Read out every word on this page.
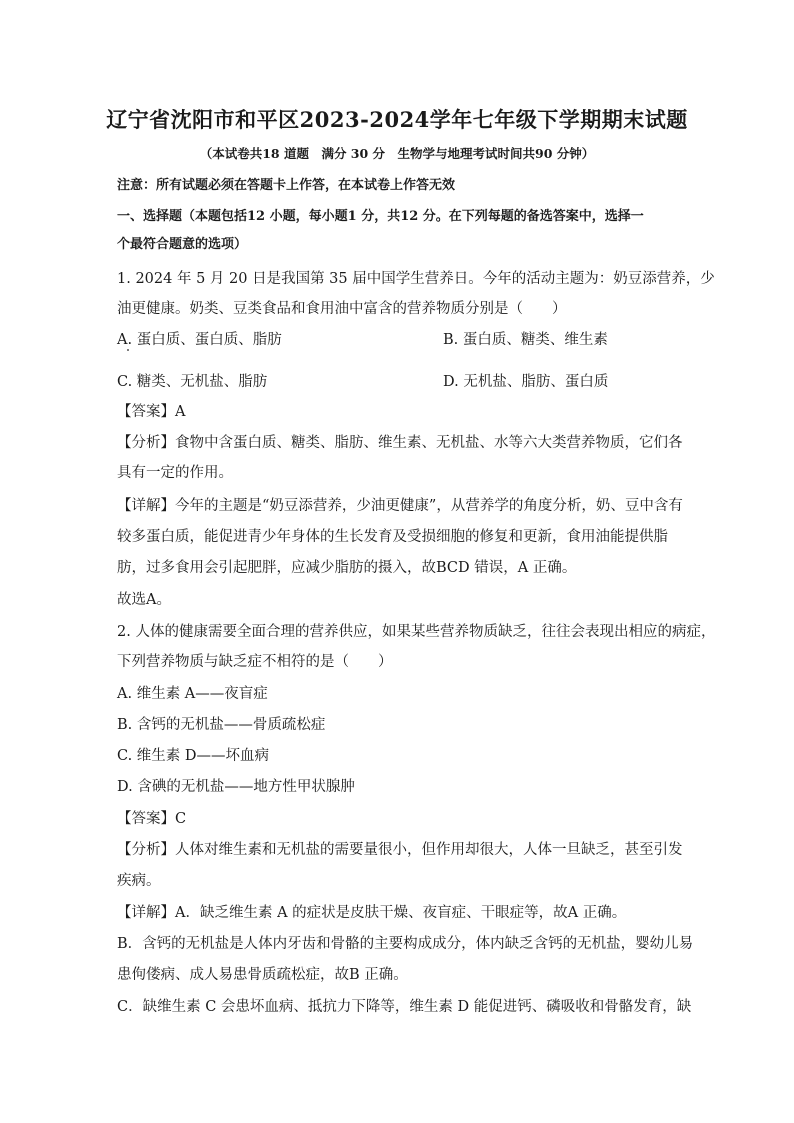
辽宁省沈阳市和平区2023-2024学年七年级下学期期末试题
（本试卷共18 道题　满分 30 分　生物学与地理考试时间共90 分钟）
注意：所有试题必须在答题卡上作答，在本试卷上作答无效
一、选择题（本题包括12 小题，每小题1 分，共12 分。在下列每题的备选答案中，选择一
个最符合题意的选项）
1. 2024 年 5 月 20 日是我国第 35 届中国学生营养日。今年的活动主题为：奶豆添营养，少
油更健康。奶类、豆类食品和食用油中富含的营养物质分别是（　　）
A. 蛋白质、蛋白质、脂肪	B. 蛋白质、糖类、维生素
C. 糖类、无机盐、脂肪	D. 无机盐、脂肪、蛋白质
【答案】A
【分析】食物中含蛋白质、糖类、脂肪、维生素、无机盐、水等六大类营养物质，它们各
具有一定的作用。
【详解】今年的主题是“奶豆添营养，少油更健康”，从营养学的角度分析，奶、豆中含有
较多蛋白质，能促进青少年身体的生长发育及受损细胞的修复和更新，食用油能提供脂
肪，过多食用会引起肥胖，应减少脂肪的摄入，故BCD 错误，A 正确。
故选A。
2. 人体的健康需要全面合理的营养供应，如果某些营养物质缺乏，往往会表现出相应的病症，
下列营养物质与缺乏症不相符的是（　　）
A. 维生素 A——夜盲症
B. 含钙的无机盐——骨质疏松症
C. 维生素 D——坏血病
D. 含碘的无机盐——地方性甲状腺肿
【答案】C
【分析】人体对维生素和无机盐的需要量很小，但作用却很大，人体一旦缺乏，甚至引发
疾病。
【详解】A．缺乏维生素 A 的症状是皮肤干燥、夜盲症、干眼症等，故A 正确。
B．含钙的无机盐是人体内牙齿和骨骼的主要构成成分，体内缺乏含钙的无机盐，婴幼儿易
患佝偻病、成人易患骨质疏松症，故B 正确。
C．缺维生素 C 会患坏血病、抵抗力下降等，维生素 D 能促进钙、磷吸收和骨骼发育，缺
